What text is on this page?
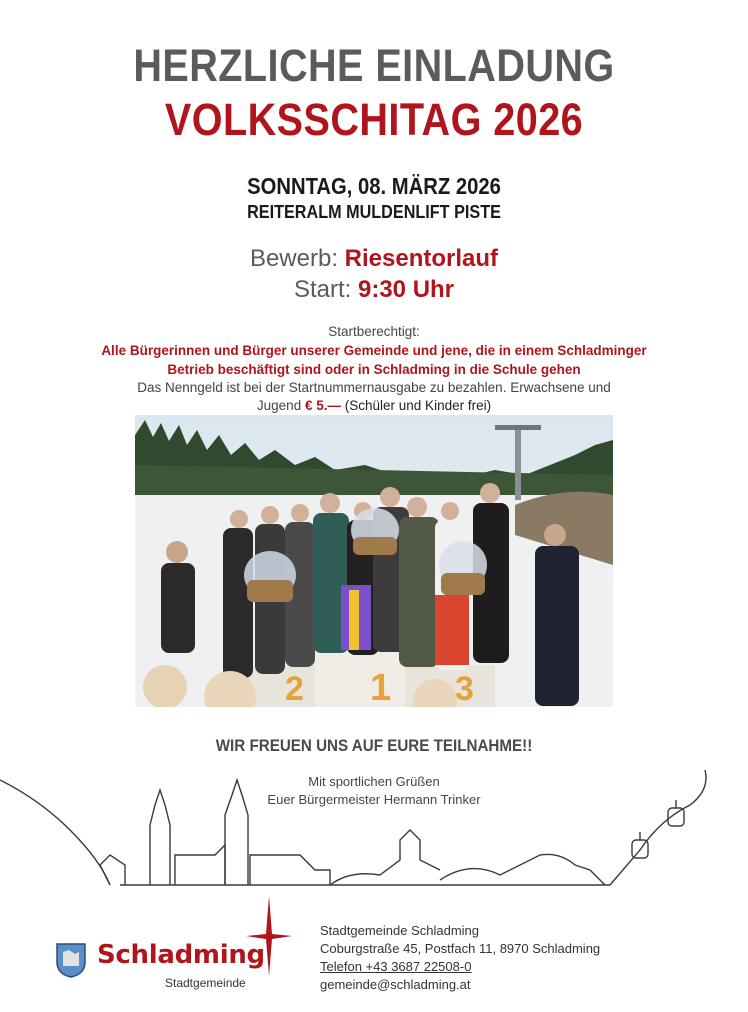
HERZLICHE EINLADUNG
VOLKSSCHITAG 2026
SONNTAG, 08. MÄRZ 2026
REITERALM MULDENLIFT PISTE
Bewerb: Riesentorlauf
Start: 9:30 Uhr
Startberechtigt:
Alle Bürgerinnen und Bürger unserer Gemeinde und jene, die in einem Schladminger
Betrieb beschäftigt sind oder in Schladming in die Schule gehen
Das Nenngeld ist bei der Startnummernausgabe zu bezahlen. Erwachsene und
Jugend € 5.— (Schüler und Kinder frei)
2 1 3
WIR FREUEN UNS AUF EURE TEILNAHME!!
Mit sportlichen Grüßen
Euer Bürgermeister Hermann Trinker
Schladming
Stadtgemeinde
Stadtgemeinde Schladming
Coburgstraße 45, Postfach 11, 8970 Schladming
Telefon +43 3687 22508-0
gemeinde@schladming.at
